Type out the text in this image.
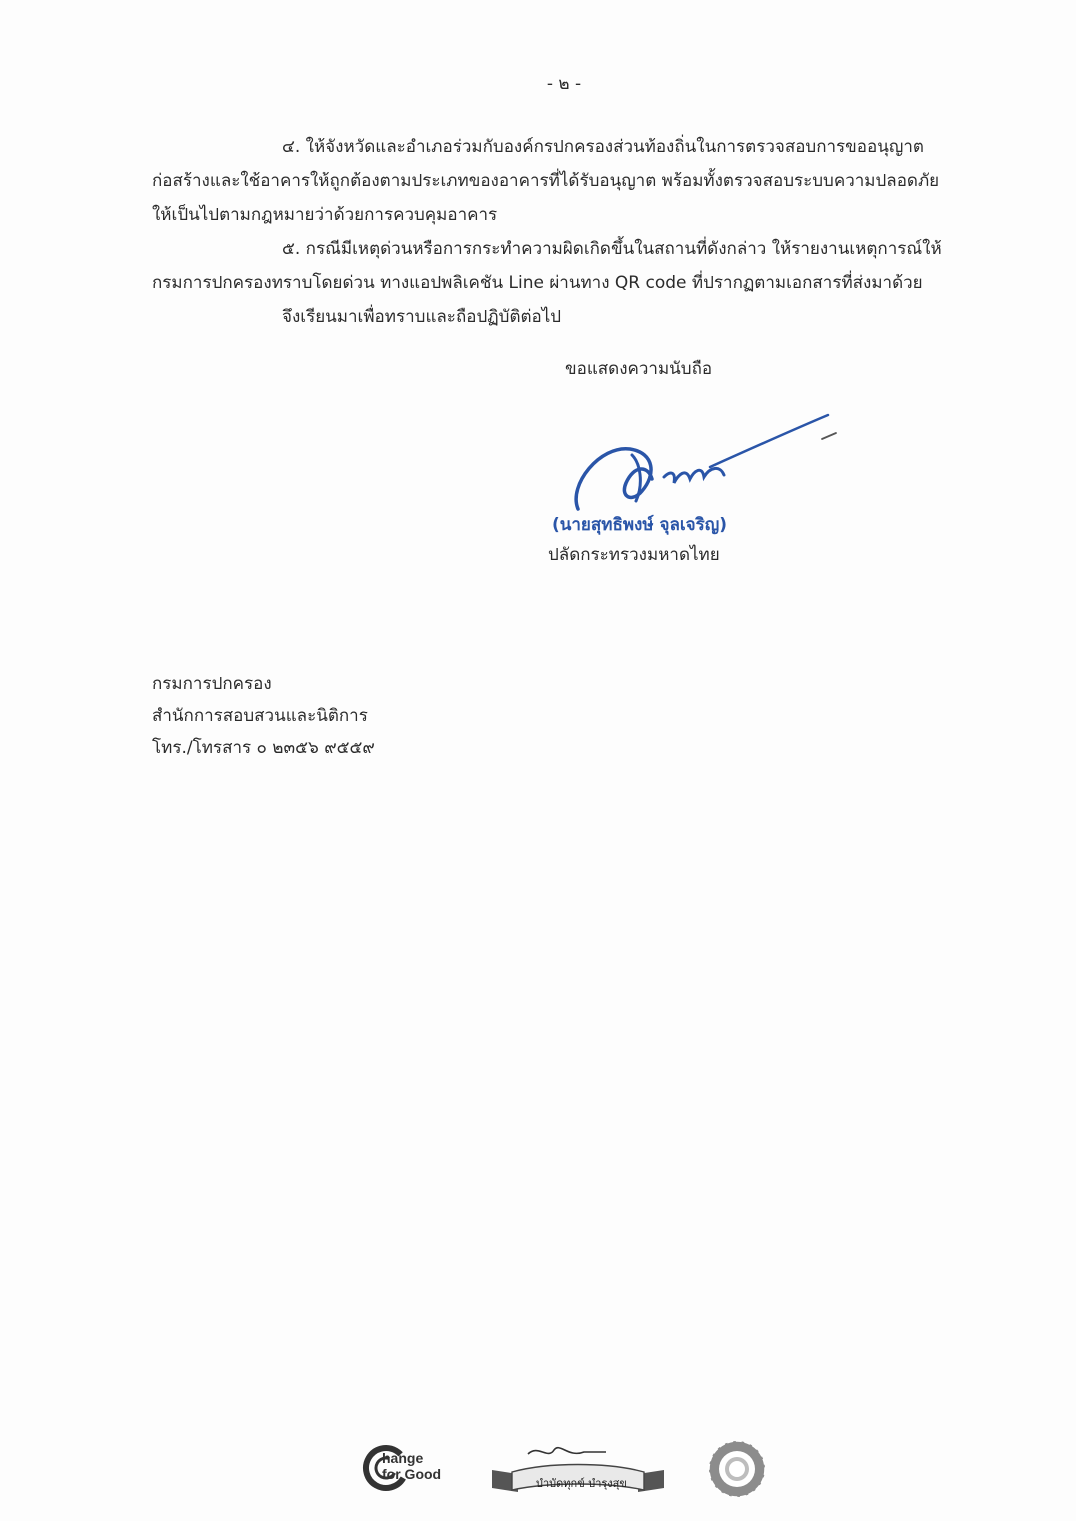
- ๒ -
๔. ให้จังหวัดและอำเภอร่วมกับองค์กรปกครองส่วนท้องถิ่นในการตรวจสอบการขออนุญาต
ก่อสร้างและใช้อาคารให้ถูกต้องตามประเภทของอาคารที่ได้รับอนุญาต พร้อมทั้งตรวจสอบระบบความปลอดภัย
ให้เป็นไปตามกฎหมายว่าด้วยการควบคุมอาคาร
๕. กรณีมีเหตุด่วนหรือการกระทำความผิดเกิดขึ้นในสถานที่ดังกล่าว ให้รายงานเหตุการณ์ให้
กรมการปกครองทราบโดยด่วน ทางแอปพลิเคชัน Line ผ่านทาง QR code ที่ปรากฏตามเอกสารที่ส่งมาด้วย
จึงเรียนมาเพื่อทราบและถือปฏิบัติต่อไป
ขอแสดงความนับถือ
(นายสุทธิพงษ์ จุลเจริญ)
ปลัดกระทรวงมหาดไทย
กรมการปกครอง
สำนักการสอบสวนและนิติการ
โทร./โทรสาร ๐ ๒๓๕๖ ๙๕๕๙
hange
for Good
บำบัดทุกข์ บำรุงสุข
